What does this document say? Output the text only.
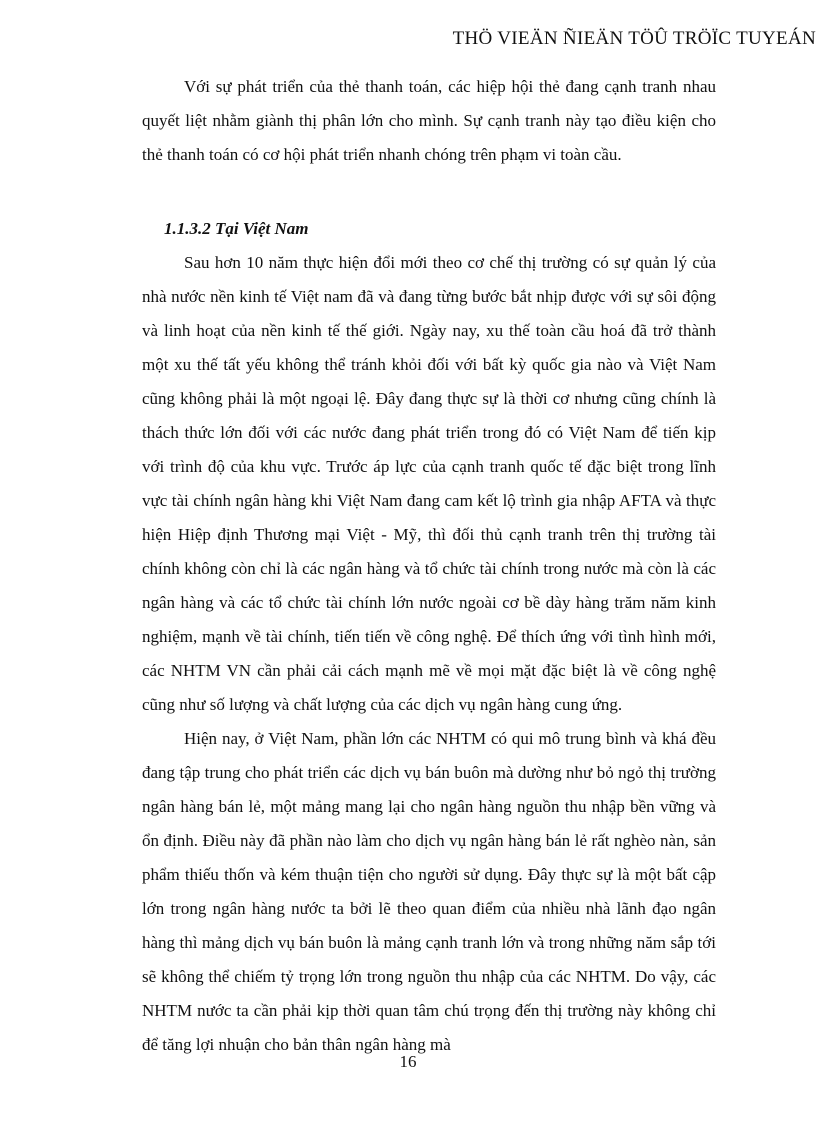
THÖ VIEÄN ÑIEÄN TÖÛ TRÖÏC TUYEÁN

Với sự phát triển của thẻ thanh toán, các hiệp hội thẻ đang cạnh tranh nhau quyết liệt nhằm giành thị phân lớn cho mình. Sự cạnh tranh này tạo điều kiện cho thẻ thanh toán có cơ hội phát triển nhanh chóng trên phạm vi toàn cầu.

1.1.3.2 Tại Việt Nam

Sau hơn 10 năm thực hiện đổi mới theo cơ chế thị trường có sự quản lý của nhà nước nền kinh tế Việt nam đã và đang từng bước bắt nhịp được với sự sôi động và linh hoạt của nền kinh tế thế giới. Ngày nay, xu thế toàn cầu hoá đã trở thành một xu thế tất yếu không thể tránh khỏi đối với bất kỳ quốc gia nào và Việt Nam cũng không phải là một ngoại lệ. Đây đang thực sự là thời cơ nhưng cũng chính là thách thức lớn đối với các nước đang phát triển trong đó có Việt Nam để tiến kịp với trình độ của khu vực. Trước áp lực của cạnh tranh quốc tế đặc biệt trong lĩnh vực tài chính ngân hàng khi Việt Nam đang cam kết lộ trình gia nhập AFTA và thực hiện Hiệp định Thương mại Việt - Mỹ, thì đối thủ cạnh tranh trên thị trường tài chính không còn chỉ là các ngân hàng và tổ chức tài chính trong nước mà còn là các ngân hàng và các tổ chức tài chính lớn nước ngoài cơ bề dày hàng trăm năm kinh nghiệm, mạnh về tài chính, tiến tiến về công nghệ. Để thích ứng với tình hình mới, các NHTM VN cần phải cải cách mạnh mẽ về mọi mặt đặc biệt là về công nghệ cũng như số lượng và chất lượng của các dịch vụ ngân hàng cung ứng.

Hiện nay, ở Việt Nam, phần lớn các NHTM có qui mô trung bình và khá đều đang tập trung cho phát triển các dịch vụ bán buôn mà dường như bỏ ngỏ thị trường ngân hàng bán lẻ, một mảng mang lại cho ngân hàng nguồn thu nhập bền vững và ổn định. Điều này đã phần nào làm cho dịch vụ ngân hàng bán lẻ rất nghèo nàn, sản phẩm thiếu thốn và kém thuận tiện cho người sử dụng. Đây thực sự là một bất cập lớn trong ngân hàng nước ta bởi lẽ theo quan điểm của nhiều nhà lãnh đạo ngân hàng thì mảng dịch vụ bán buôn là mảng cạnh tranh lớn và trong những năm sắp tới sẽ không thể chiếm tỷ trọng lớn trong nguồn thu nhập của các NHTM. Do vậy, các NHTM nước ta cần phải kịp thời quan tâm chú trọng đến thị trường này không chỉ để tăng lợi nhuận cho bản thân ngân hàng mà

16
